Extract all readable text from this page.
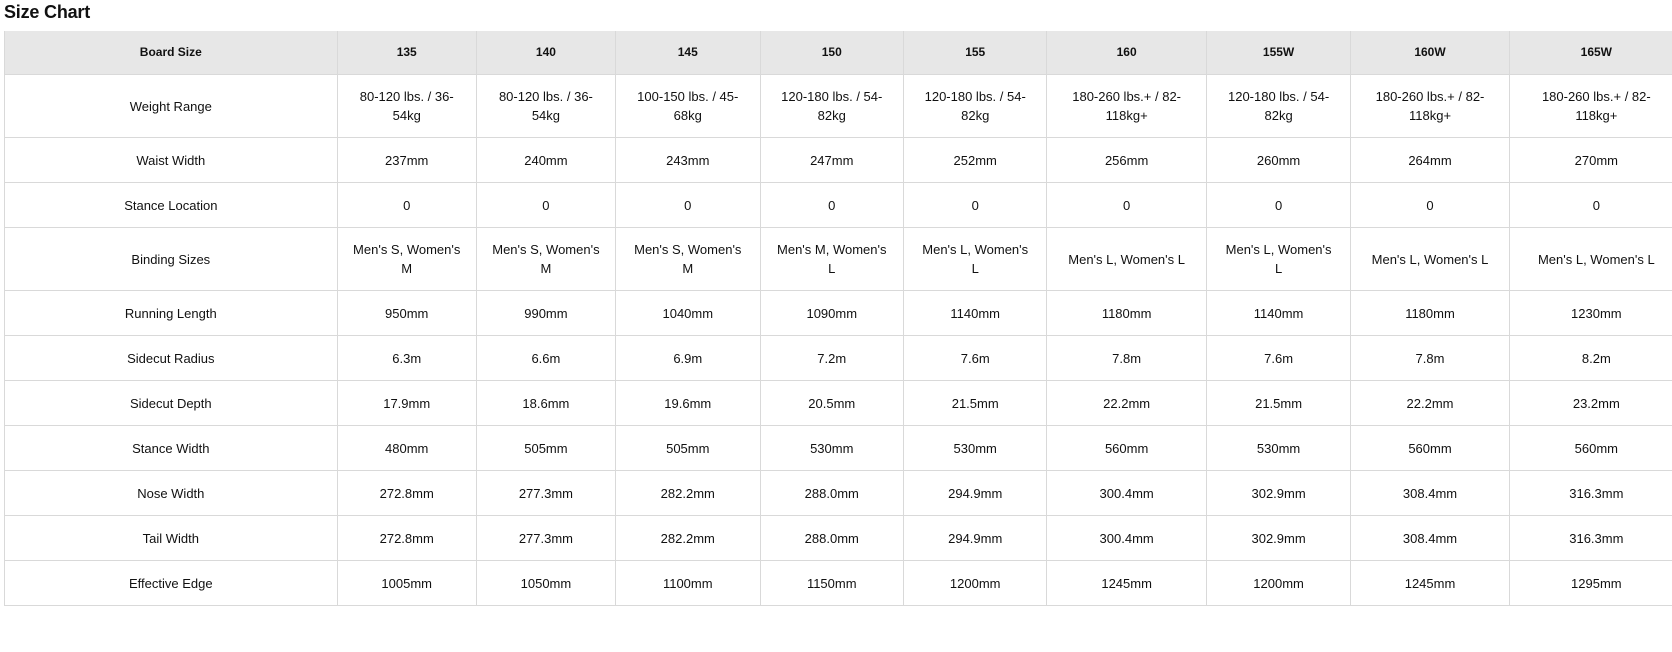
Size Chart
Board Size	135	140	145	150	155	160	155W	160W	165W
Weight Range	80-120 lbs. / 36-54kg	80-120 lbs. / 36-54kg	100-150 lbs. / 45-68kg	120-180 lbs. / 54-82kg	120-180 lbs. / 54-82kg	180-260 lbs.+ / 82-118kg+	120-180 lbs. / 54-82kg	180-260 lbs.+ / 82-118kg+	180-260 lbs.+ / 82-118kg+
Waist Width	237mm	240mm	243mm	247mm	252mm	256mm	260mm	264mm	270mm
Stance Location	0	0	0	0	0	0	0	0	0
Binding Sizes	Men's S, Women's M	Men's S, Women's M	Men's S, Women's M	Men's M, Women's L	Men's L, Women's L	Men's L, Women's L	Men's L, Women's L	Men's L, Women's L	Men's L, Women's L
Running Length	950mm	990mm	1040mm	1090mm	1140mm	1180mm	1140mm	1180mm	1230mm
Sidecut Radius	6.3m	6.6m	6.9m	7.2m	7.6m	7.8m	7.6m	7.8m	8.2m
Sidecut Depth	17.9mm	18.6mm	19.6mm	20.5mm	21.5mm	22.2mm	21.5mm	22.2mm	23.2mm
Stance Width	480mm	505mm	505mm	530mm	530mm	560mm	530mm	560mm	560mm
Nose Width	272.8mm	277.3mm	282.2mm	288.0mm	294.9mm	300.4mm	302.9mm	308.4mm	316.3mm
Tail Width	272.8mm	277.3mm	282.2mm	288.0mm	294.9mm	300.4mm	302.9mm	308.4mm	316.3mm
Effective Edge	1005mm	1050mm	1100mm	1150mm	1200mm	1245mm	1200mm	1245mm	1295mm
